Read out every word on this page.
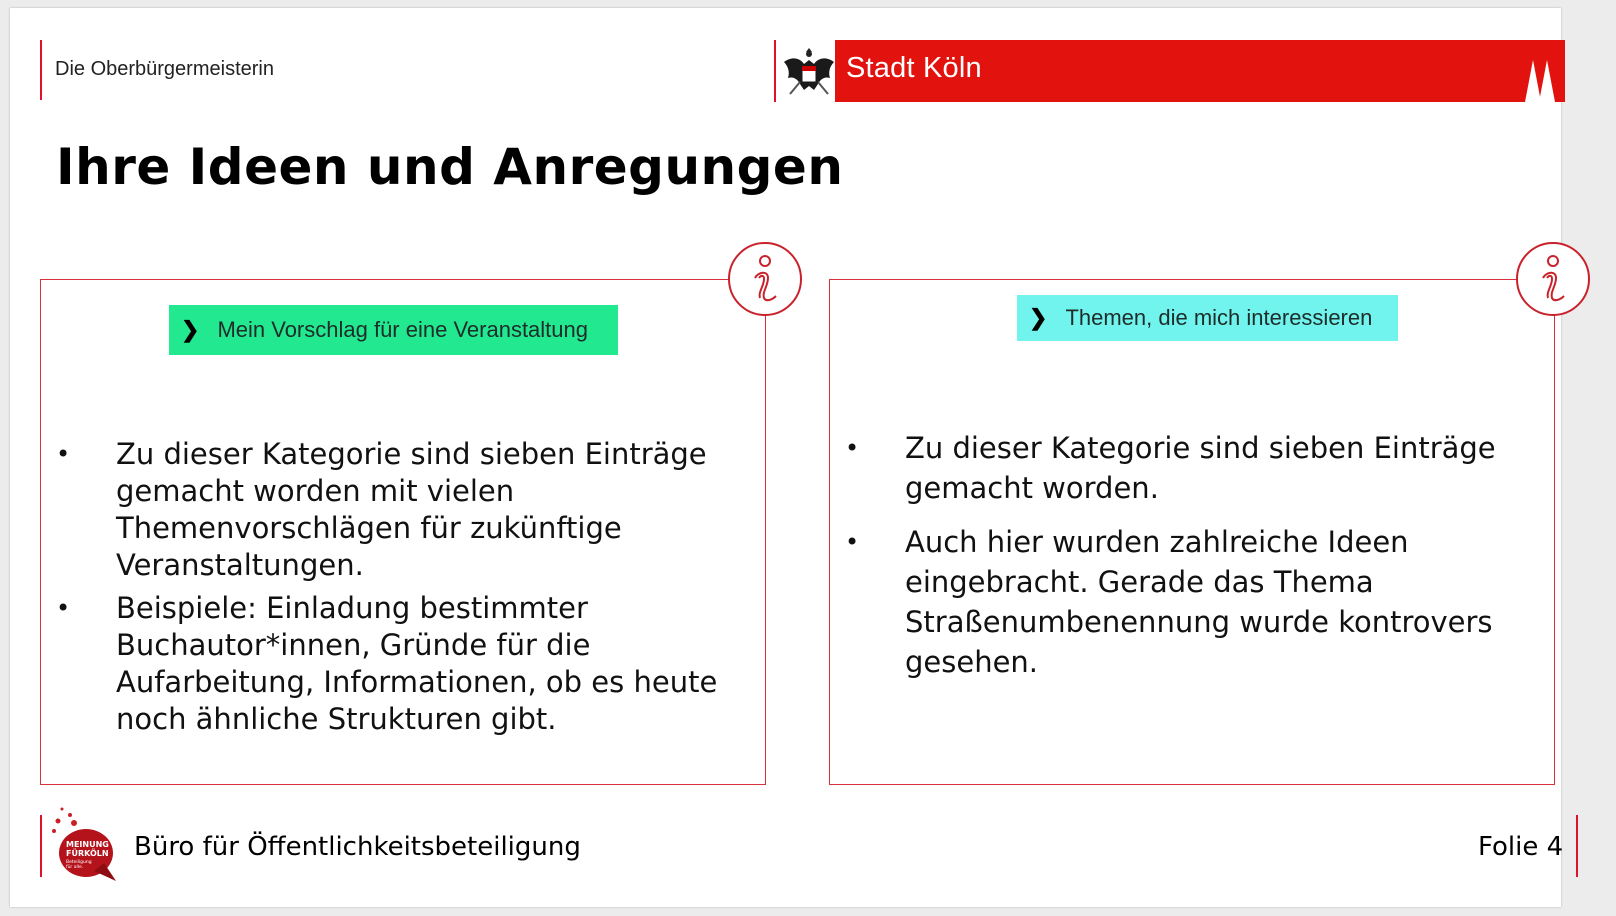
Die Oberbürgermeisterin	Stadt Köln
Ihre Ideen und Anregungen
❯ Mein Vorschlag für eine Veranstaltung
• Zu dieser Kategorie sind sieben Einträge gemacht worden mit vielen Themenvorschlägen für zukünftige Veranstaltungen.
• Beispiele: Einladung bestimmter Buchautor*innen, Gründe für die Aufarbeitung, Informationen, ob es heute noch ähnliche Strukturen gibt.
❯ Themen, die mich interessieren
• Zu dieser Kategorie sind sieben Einträge gemacht worden.
• Auch hier wurden zahlreiche Ideen eingebracht. Gerade das Thema Straßenumbenennung wurde kontrovers gesehen.
MEINUNG
FÜRKÖLN
Beteiligung
für alle.
Büro für Öffentlichkeitsbeteiligung	Folie 4
